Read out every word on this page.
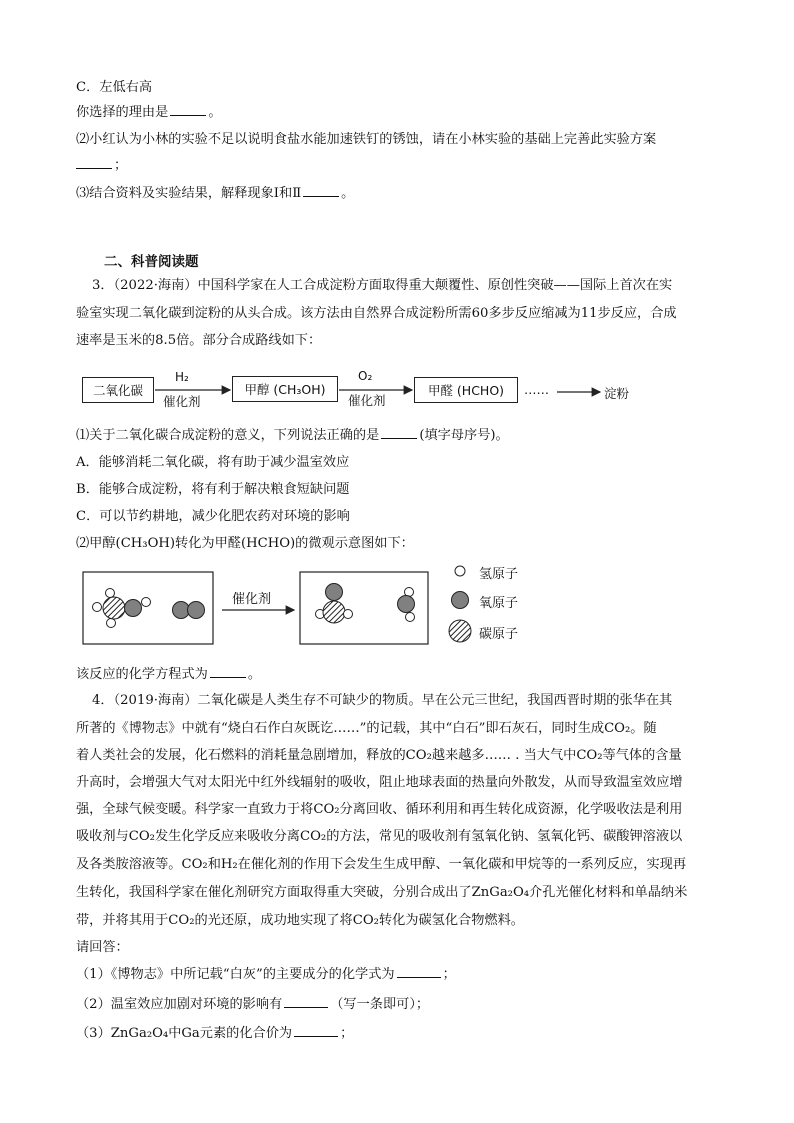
C．左低右高
你选择的理由是	。
⑵小红认为小林的实验不足以说明食盐水能加速铁钉的锈蚀，请在小林实验的基础上完善此实验方案
；
⑶结合资料及实验结果，解释现象Ⅰ和Ⅱ	。
二、科普阅读题
3．（2022·海南）中国科学家在人工合成淀粉方面取得重大颠覆性、原创性突破——国际上首次在实
验室实现二氧化碳到淀粉的从头合成。该方法由自然界合成淀粉所需60多步反应缩减为11步反应，合成
速率是玉米的8.5倍。部分合成路线如下：
二氧化碳
H₂
催化剂
甲醇 (CH₃OH)
O₂
催化剂
甲醛 (HCHO)	……	淀粉
⑴关于二氧化碳合成淀粉的意义，下列说法正确的是	(填字母序号)。
A．能够消耗二氧化碳，将有助于减少温室效应
B．能够合成淀粉，将有利于解决粮食短缺问题
C．可以节约耕地，减少化肥农药对环境的影响
⑵甲醇(CH₃OH)转化为甲醛(HCHO)的微观示意图如下：
催化剂
氢原子
氧原子
碳原子
该反应的化学方程式为	。
4．（2019·海南）二氧化碳是人类生存不可缺少的物质。早在公元三世纪，我国西晋时期的张华在其
所著的《博物志》中就有“烧白石作白灰既讫……”的记载，其中“白石”即石灰石，同时生成CO₂。随
着人类社会的发展，化石燃料的消耗量急剧增加，释放的CO₂越来越多…… . 当大气中CO₂等气体的含量
升高时，会增强大气对太阳光中红外线辐射的吸收，阻止地球表面的热量向外散发，从而导致温室效应增
强，全球气候变暖。科学家一直致力于将CO₂分离回收、循环利用和再生转化成资源，化学吸收法是利用
吸收剂与CO₂发生化学反应来吸收分离CO₂的方法，常见的吸收剂有氢氧化钠、氢氧化钙、碳酸钾溶液以
及各类胺溶液等。CO₂和H₂在催化剂的作用下会发生生成甲醇、一氧化碳和甲烷等的一系列反应，实现再
生转化，我国科学家在催化剂研究方面取得重大突破，分别合成出了ZnGa₂O₄介孔光催化材料和单晶纳米
带，并将其用于CO₂的光还原，成功地实现了将CO₂转化为碳氢化合物燃料。
请回答：
（1）《博物志》中所记载“白灰”的主要成分的化学式为	；
（2）温室效应加剧对环境的影响有	（写一条即可）；
（3）ZnGa₂O₄中Ga元素的化合价为	；
